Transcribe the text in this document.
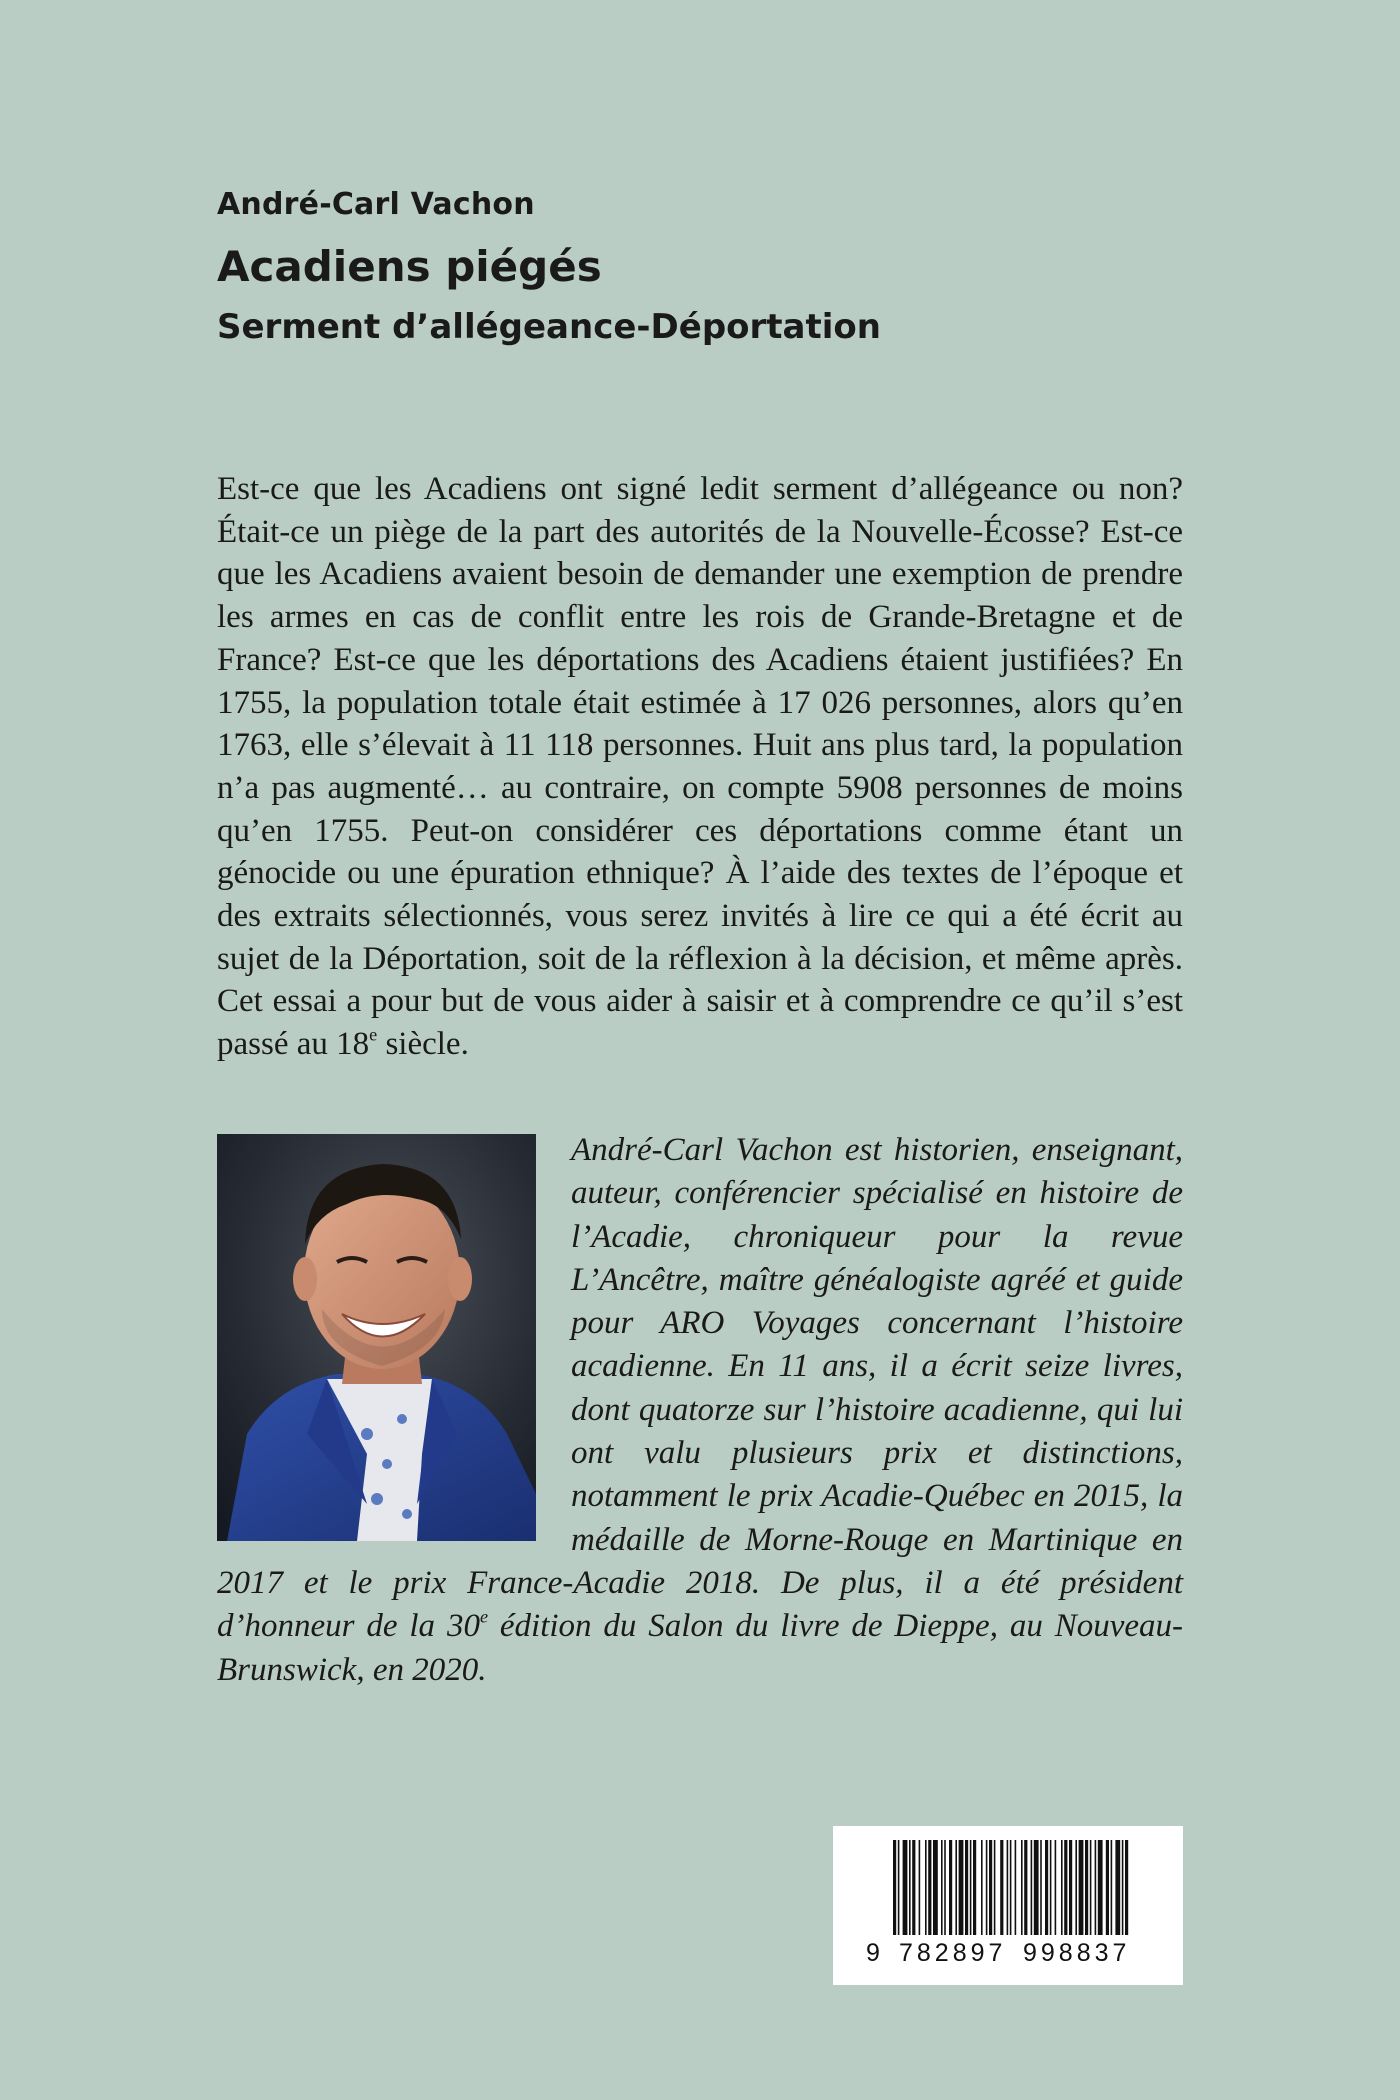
André-Carl Vachon
Acadiens piégés
Serment d’allégeance-Déportation

Est-ce que les Acadiens ont signé ledit serment d’allégeance ou non? Était-ce un piège de la part des autorités de la Nouvelle-Écosse? Est-ce que les Acadiens avaient besoin de demander une exemption de prendre les armes en cas de conflit entre les rois de Grande-Bretagne et de France? Est-ce que les déportations des Acadiens étaient justifiées? En 1755, la population totale était estimée à 17 026 personnes, alors qu’en 1763, elle s’élevait à 11 118 personnes. Huit ans plus tard, la population n’a pas augmenté… au contraire, on compte 5908 personnes de moins qu’en 1755. Peut-on considérer ces déportations comme étant un génocide ou une épuration ethnique? À l’aide des textes de l’époque et des extraits sélectionnés, vous serez invités à lire ce qui a été écrit au sujet de la Déportation, soit de la réflexion à la décision, et même après. Cet essai a pour but de vous aider à saisir et à comprendre ce qu’il s’est passé au 18e siècle.

André-Carl Vachon est historien, enseignant, auteur, conférencier spécialisé en histoire de l’Acadie, chroniqueur pour la revue L’Ancêtre, maître généalogiste agréé et guide pour ARO Voyages concernant l’histoire acadienne. En 11 ans, il a écrit seize livres, dont quatorze sur l’histoire acadienne, qui lui ont valu plusieurs prix et distinctions, notamment le prix Acadie-Québec en 2015, la médaille de Morne-Rouge en Martinique en 2017 et le prix France-Acadie 2018. De plus, il a été président d’honneur de la 30e édition du Salon du livre de Dieppe, au Nouveau-Brunswick, en 2020.

9 782897 998837
